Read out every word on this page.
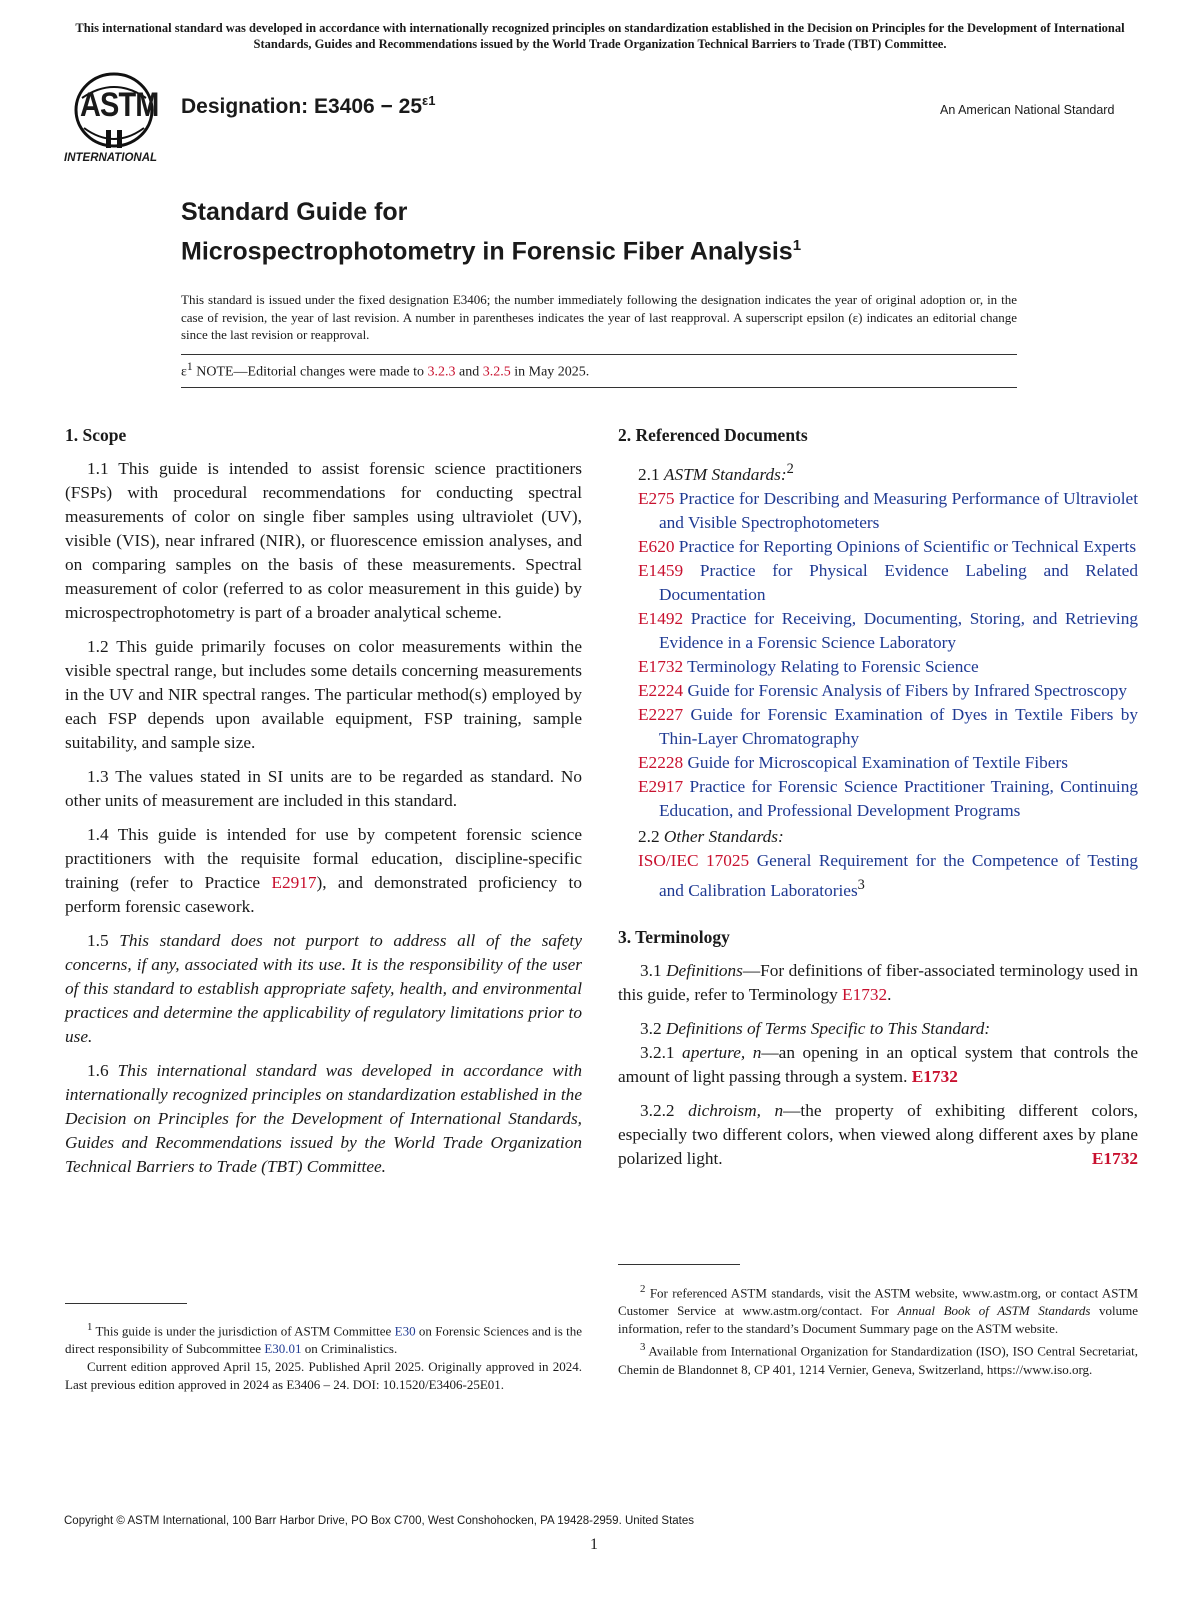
This international standard was developed in accordance with internationally recognized principles on standardization established in the Decision on Principles for the Development of International Standards, Guides and Recommendations issued by the World Trade Organization Technical Barriers to Trade (TBT) Committee.
ASTM
INTERNATIONAL
Designation: $E3406 - 25^{\varepsilon 1}$
An American National Standard
Standard Guide for
Microspectrophotometry in Forensic Fiber Analysis$^1$
This standard is issued under the fixed designation E3406; the number immediately following the designation indicates the year of original adoption or, in the case of revision, the year of last revision. A number in parentheses indicates the year of last reapproval. A superscript epsilon (ε) indicates an editorial change since the last revision or reapproval.
$\varepsilon^1$ NOTE—Editorial changes were made to 3.2.3 and 3.2.5 in May 2025.
1. Scope

1.1 This guide is intended to assist forensic science practitioners (FSPs) with procedural recommendations for conducting spectral measurements of color on single fiber samples using ultraviolet (UV), visible (VIS), near infrared (NIR), or fluorescence emission analyses, and on comparing samples on the basis of these measurements. Spectral measurement of color (referred to as color measurement in this guide) by microspectrophotometry is part of a broader analytical scheme.

1.2 This guide primarily focuses on color measurements within the visible spectral range, but includes some details concerning measurements in the UV and NIR spectral ranges. The particular method(s) employed by each FSP depends upon available equipment, FSP training, sample suitability, and sample size.

1.3 The values stated in SI units are to be regarded as standard. No other units of measurement are included in this standard.

1.4 This guide is intended for use by competent forensic science practitioners with the requisite formal education, discipline-specific training (refer to Practice E2917), and demonstrated proficiency to perform forensic casework.

1.5 This standard does not purport to address all of the safety concerns, if any, associated with its use. It is the responsibility of the user of this standard to establish appropriate safety, health, and environmental practices and determine the applicability of regulatory limitations prior to use.

1.6 This international standard was developed in accordance with internationally recognized principles on standardization established in the Decision on Principles for the Development of International Standards, Guides and Recommendations issued by the World Trade Organization Technical Barriers to Trade (TBT) Committee.

$^1$ This guide is under the jurisdiction of ASTM Committee E30 on Forensic Sciences and is the direct responsibility of Subcommittee E30.01 on Criminalistics.

Current edition approved April 15, 2025. Published April 2025. Originally approved in 2024. Last previous edition approved in 2024 as E3406 – 24. DOI: 10.1520/E3406-25E01.

2. Referenced Documents
2.1 ASTM Standards:$^2$
E275 Practice for Describing and Measuring Performance of Ultraviolet and Visible Spectrophotometers
E620 Practice for Reporting Opinions of Scientific or Technical Experts
E1459 Practice for Physical Evidence Labeling and Related Documentation
E1492 Practice for Receiving, Documenting, Storing, and Retrieving Evidence in a Forensic Science Laboratory
E1732 Terminology Relating to Forensic Science
E2224 Guide for Forensic Analysis of Fibers by Infrared Spectroscopy
E2227 Guide for Forensic Examination of Dyes in Textile Fibers by Thin-Layer Chromatography
E2228 Guide for Microscopical Examination of Textile Fibers
E2917 Practice for Forensic Science Practitioner Training, Continuing Education, and Professional Development Programs
2.2 Other Standards:
ISO/IEC 17025 General Requirement for the Competence of Testing and Calibration Laboratories$^3$
3. Terminology

3.1 Definitions—For definitions of fiber-associated terminology used in this guide, refer to Terminology E1732.

3.2 Definitions of Terms Specific to This Standard:

3.2.1 aperture, n—an opening in an optical system that controls the amount of light passing through a system. E1732

3.2.2 dichroism, n—the property of exhibiting different colors, especially two different colors, when viewed along different axes by plane polarized light.	E1732

$^2$ For referenced ASTM standards, visit the ASTM website, www.astm.org, or contact ASTM Customer Service at www.astm.org/contact. For Annual Book of ASTM Standards volume information, refer to the standard’s Document Summary page on the ASTM website.

$^3$ Available from International Organization for Standardization (ISO), ISO Central Secretariat, Chemin de Blandonnet 8, CP 401, 1214 Vernier, Geneva, Switzerland, https://www.iso.org.

Copyright © ASTM International, 100 Barr Harbor Drive, PO Box C700, West Conshohocken, PA 19428-2959. United States
1
